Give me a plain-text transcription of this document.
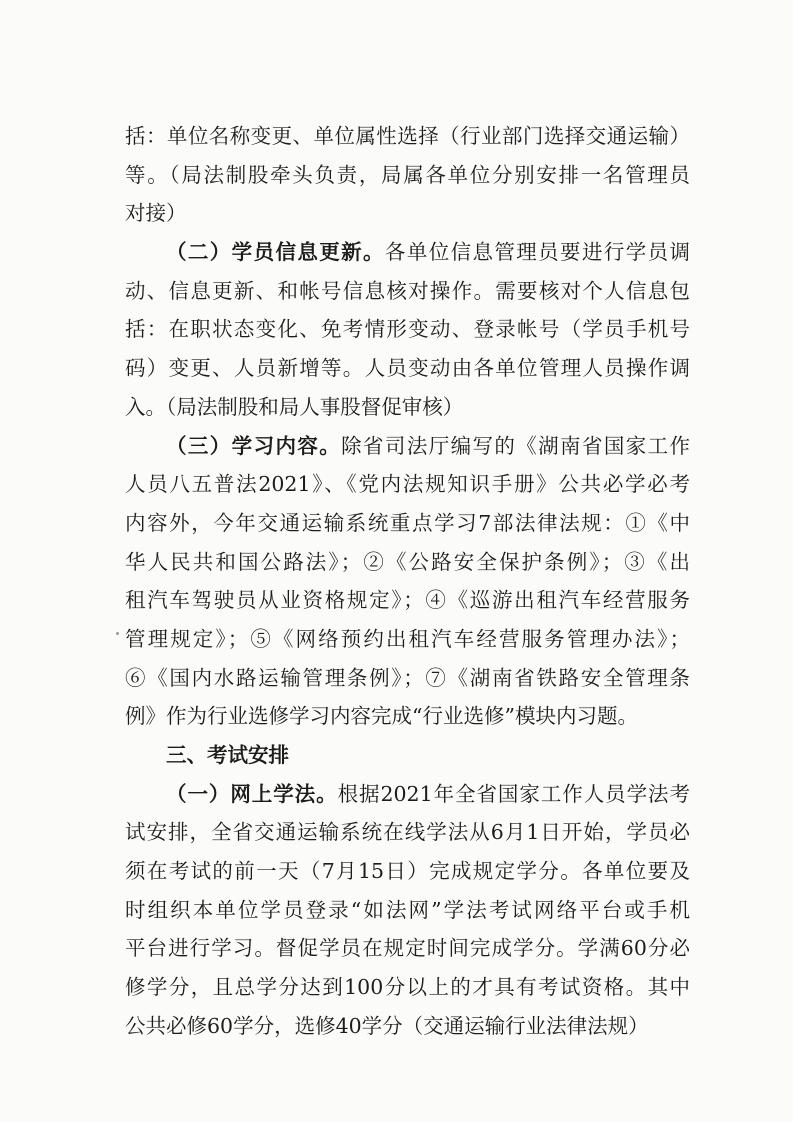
括：单位名称变更、单位属性选择（行业部门选择交通运输）
等。（局法制股牵头负责，局属各单位分别安排一名管理员
对接）
（二）学员信息更新。各单位信息管理员要进行学员调
动、信息更新、和帐号信息核对操作。需要核对个人信息包
括：在职状态变化、免考情形变动、登录帐号（学员手机号
码）变更、人员新增等。人员变动由各单位管理人员操作调
入。（局法制股和局人事股督促审核）
（三）学习内容。除省司法厅编写的《湖南省国家工作
人员八五普法2021》、《党内法规知识手册》公共必学必考
内容外，今年交通运输系统重点学习7部法律法规：①《中
华人民共和国公路法》；②《公路安全保护条例》；③《出
租汽车驾驶员从业资格规定》；④《巡游出租汽车经营服务
管理规定》；⑤《网络预约出租汽车经营服务管理办法》；
⑥《国内水路运输管理条例》；⑦《湖南省铁路安全管理条
例》作为行业选修学习内容完成“行业选修”模块内习题。
三、考试安排
（一）网上学法。根据2021年全省国家工作人员学法考
试安排，全省交通运输系统在线学法从6月1日开始，学员必
须在考试的前一天（7月15日）完成规定学分。各单位要及
时组织本单位学员登录“如法网”学法考试网络平台或手机
平台进行学习。督促学员在规定时间完成学分。学满60分必
修学分，且总学分达到100分以上的才具有考试资格。其中
公共必修60学分，选修40学分（交通运输行业法律法规）
